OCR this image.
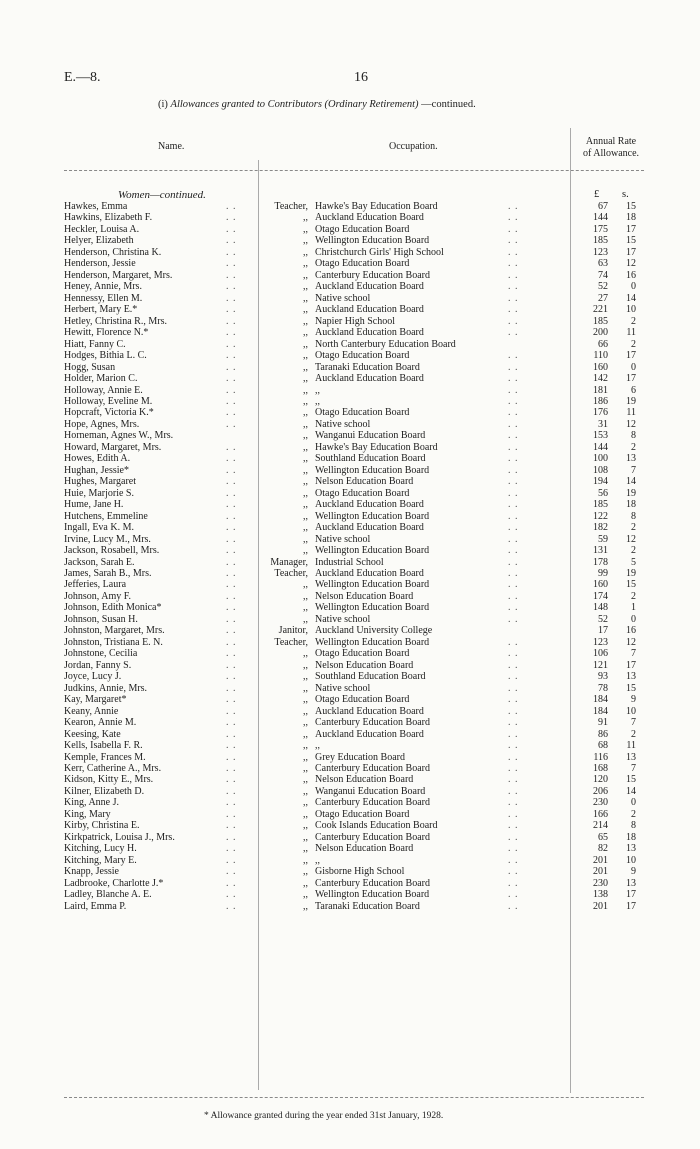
E.—8.	16
(i) Allowances granted to Contributors (Ordinary Retirement) —continued.
Name.	Occupation.	Annual Rate
of Allowance.
Women—continued.	£ s.
Hawkes, Emma	. .	Teacher, Hawke's Bay Education Board	. .	67	15
Hawkins, Elizabeth F.	. .	,, Auckland Education Board	. .	144	18
Heckler, Louisa A.	. .	,, Otago Education Board	. .	175	17
Helyer, Elizabeth	. .	,, Wellington Education Board	. .	185	15
Henderson, Christina K.	. .	,, Christchurch Girls' High School	. .	123	17
Henderson, Jessie	. .	,, Otago Education Board	. .	63	12
Henderson, Margaret, Mrs.	. .	,, Canterbury Education Board	. .	74	16
Heney, Annie, Mrs.	. .	,, Auckland Education Board	. .	52	0
Hennessy, Ellen M.	. .	,, Native school	. .	27	14
Herbert, Mary E.*	. .	,, Auckland Education Board	. .	221	10
Hetley, Christina R., Mrs.	. .	,, Napier High School	. .	185	2
Hewitt, Florence N.*	. .	,, Auckland Education Board	. .	200	11
Hiatt, Fanny C.	. .	,, North Canterbury Education Board	66	2
Hodges, Bithia L. C.	. .	,, Otago Education Board	. .	110	17
Hogg, Susan	. .	,, Taranaki Education Board	. .	160	0
Holder, Marion C.	. .	,, Auckland Education Board	. .	142	17
Holloway, Annie E.	. .	,, ,,	. .	181	6
Holloway, Eveline M.	. .	,, ,,	. .	186	19
Hopcraft, Victoria K.*	. .	,, Otago Education Board	. .	176	11
Hope, Agnes, Mrs.	. .	,, Native school	. .	31	12
Horneman, Agnes W., Mrs.	,, Wanganui Education Board	. .	153	8
Howard, Margaret, Mrs.	. .	,, Hawke's Bay Education Board	. .	144	2
Howes, Edith A.	. .	,, Southland Education Board	. .	100	13
Hughan, Jessie*	. .	,, Wellington Education Board	. .	108	7
Hughes, Margaret	. .	,, Nelson Education Board	. .	194	14
Huie, Marjorie S.	. .	,, Otago Education Board	. .	56	19
Hume, Jane H.	. .	,, Auckland Education Board	. .	185	18
Hutchens, Emmeline	. .	,, Wellington Education Board	. .	122	8
Ingall, Eva K. M.	. .	,, Auckland Education Board	. .	182	2
Irvine, Lucy M., Mrs.	. .	,, Native school	. .	59	12
Jackson, Rosabell, Mrs.	. .	,, Wellington Education Board	. .	131	2
Jackson, Sarah E.	. .	Manager, Industrial School	. .	178	5
James, Sarah B., Mrs.	. .	Teacher, Auckland Education Board	. .	99	19
Jefferies, Laura	. .	,, Wellington Education Board	. .	160	15
Johnson, Amy F.	. .	,, Nelson Education Board	. .	174	2
Johnson, Edith Monica*	. .	,, Wellington Education Board	. .	148	1
Johnson, Susan H.	. .	,, Native school	. .	52	0
Johnston, Margaret, Mrs.	. .	Janitor, Auckland University College	17	16
Johnston, Tristiana E. N.	. .	Teacher, Wellington Education Board	. .	123	12
Johnstone, Cecilia	. .	,, Otago Education Board	. .	106	7
Jordan, Fanny S.	. .	,, Nelson Education Board	. .	121	17
Joyce, Lucy J.	. .	,, Southland Education Board	. .	93	13
Judkins, Annie, Mrs.	. .	,, Native school	. .	78	15
Kay, Margaret*	. .	,, Otago Education Board	. .	184	9
Keany, Annie	. .	,, Auckland Education Board	. .	184	10
Kearon, Annie M.	. .	,, Canterbury Education Board	. .	91	7
Keesing, Kate	. .	,, Auckland Education Board	. .	86	2
Kells, Isabella F. R.	. .	,, ,,	. .	68	11
Kemple, Frances M.	. .	,, Grey Education Board	. .	116	13
Kerr, Catherine A., Mrs.	. .	,, Canterbury Education Board	. .	168	7
Kidson, Kitty E., Mrs.	. .	,, Nelson Education Board	. .	120	15
Kilner, Elizabeth D.	. .	,, Wanganui Education Board	. .	206	14
King, Anne J.	. .	,, Canterbury Education Board	. .	230	0
King, Mary	. .	,, Otago Education Board	. .	166	2
Kirby, Christina E.	. .	,, Cook Islands Education Board	. .	214	8
Kirkpatrick, Louisa J., Mrs.	. .	,, Canterbury Education Board	. .	65	18
Kitching, Lucy H.	. .	,, Nelson Education Board	. .	82	13
Kitching, Mary E.	. .	,, ,,	. .	201	10
Knapp, Jessie	. .	,, Gisborne High School	. .	201	9
Ladbrooke, Charlotte J.*	. .	,, Canterbury Education Board	. .	230	13
Ladley, Blanche A. E.	. .	,, Wellington Education Board	. .	138	17
Laird, Emma P.	. .	,, Taranaki Education Board	. .	201	17
* Allowance granted during the year ended 31st January, 1928.
